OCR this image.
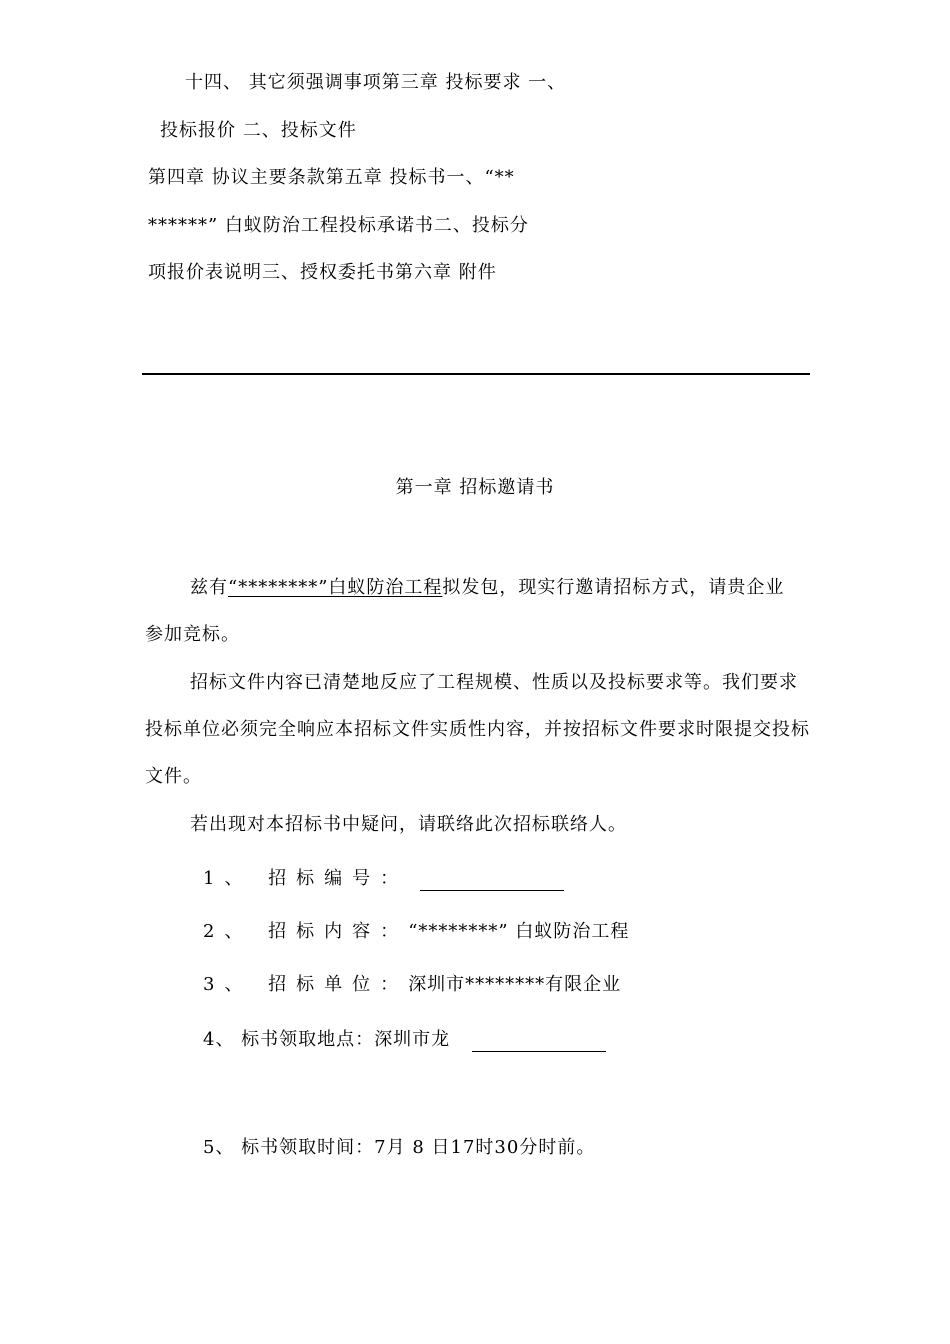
十四、 其它须强调事项第三章 投标要求 一、
投标报价 二、投标文件
第四章 协议主要条款第五章 投标书一、“**
******” 白蚁防治工程投标承诺书二、投标分
项报价表说明三、授权委托书第六章 附件
第一章 招标邀请书
兹有“********”白蚁防治工程拟发包，现实行邀请招标方式，请贵企业
参加竞标。
招标文件内容已清楚地反应了工程规模、性质以及投标要求等。我们要求
投标单位必须完全响应本招标文件实质性内容，并按招标文件要求时限提交投标
文件。
若出现对本招标书中疑问，请联络此次招标联络人。
1、 招标编号：
2、 招标内容：“********” 白蚁防治工程
3、 招标单位：深圳市********有限企业
4、 标书领取地点：深圳市龙
5、 标书领取时间：7月 8 日17时30分时前。
